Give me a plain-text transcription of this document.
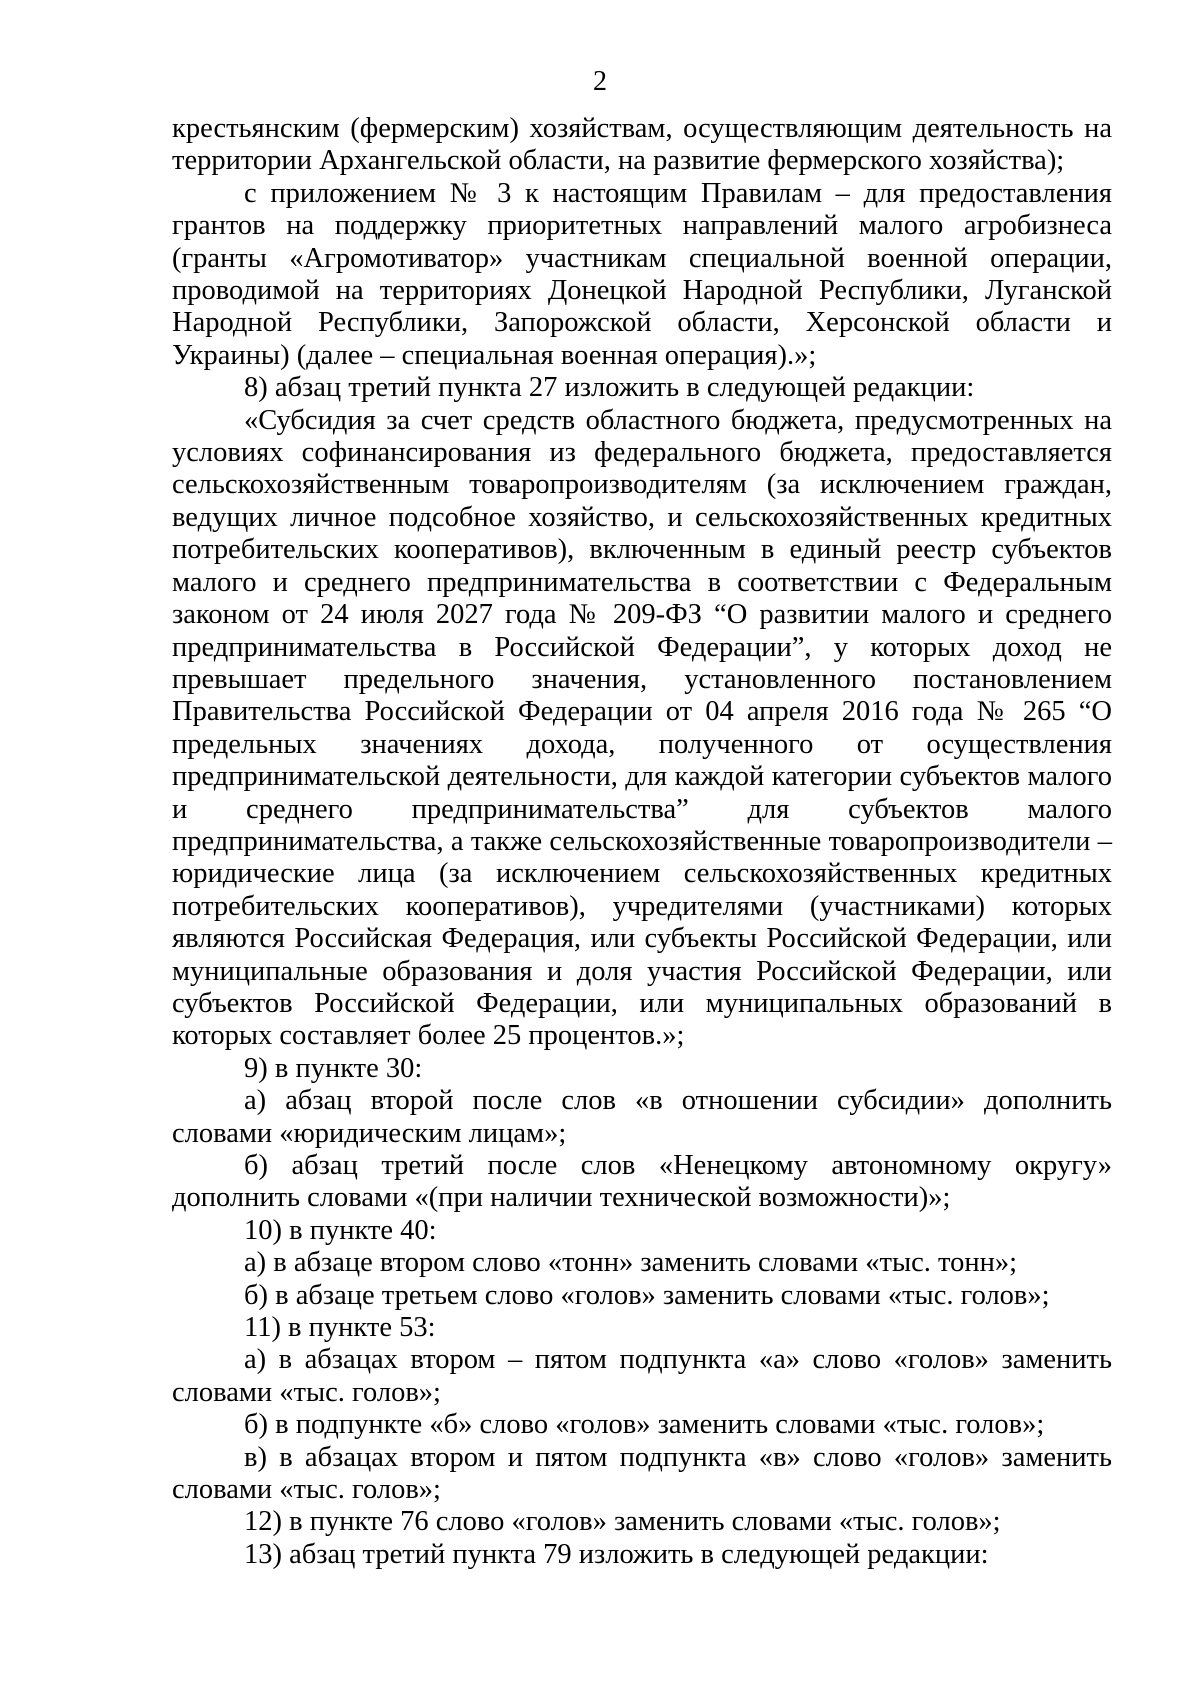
2

крестьянским (фермерским) хозяйствам, осуществляющим деятельность на территории Архангельской области, на развитие фермерского хозяйства);

с приложением № 3 к настоящим Правилам – для предоставления грантов на поддержку приоритетных направлений малого агробизнеса (гранты «Агромотиватор» участникам специальной военной операции, проводимой на территориях Донецкой Народной Республики, Луганской Народной Республики, Запорожской области, Херсонской области и Украины) (далее – специальная военная операция).»;

8) абзац третий пункта 27 изложить в следующей редакции:

«Субсидия за счет средств областного бюджета, предусмотренных на условиях софинансирования из федерального бюджета, предоставляется сельскохозяйственным товаропроизводителям (за исключением граждан, ведущих личное подсобное хозяйство, и сельскохозяйственных кредитных потребительских кооперативов), включенным в единый реестр субъектов малого и среднего предпринимательства в соответствии с Федеральным законом от 24 июля 2027 года № 209-ФЗ “О развитии малого и среднего предпринимательства в Российской Федерации”, у которых доход не превышает предельного значения, установленного постановлением Правительства Российской Федерации от 04 апреля 2016 года № 265 “О предельных значениях дохода, полученного от осуществления предпринимательской деятельности, для каждой категории субъектов малого и среднего предпринимательства” для субъектов малого предпринимательства, а также сельскохозяйственные товаропроизводители – юридические лица (за исключением сельскохозяйственных кредитных потребительских кооперативов), учредителями (участниками) которых являются Российская Федерация, или субъекты Российской Федерации, или муниципальные образования и доля участия Российской Федерации, или субъектов Российской Федерации, или муниципальных образований в которых составляет более 25 процентов.»;

9) в пункте 30:

а) абзац второй после слов «в отношении субсидии» дополнить словами «юридическим лицам»;

б) абзац третий после слов «Ненецкому автономному округу» дополнить словами «(при наличии технической возможности)»;

10) в пункте 40:

а) в абзаце втором слово «тонн» заменить словами «тыс. тонн»;

б) в абзаце третьем слово «голов» заменить словами «тыс. голов»;

11) в пункте 53:

а) в абзацах втором – пятом подпункта «а» слово «голов» заменить словами «тыс. голов»;

б) в подпункте «б» слово «голов» заменить словами «тыс. голов»;

в) в абзацах втором и пятом подпункта «в» слово «голов» заменить словами «тыс. голов»;

12) в пункте 76 слово «голов» заменить словами «тыс. голов»;

13) абзац третий пункта 79 изложить в следующей редакции:
